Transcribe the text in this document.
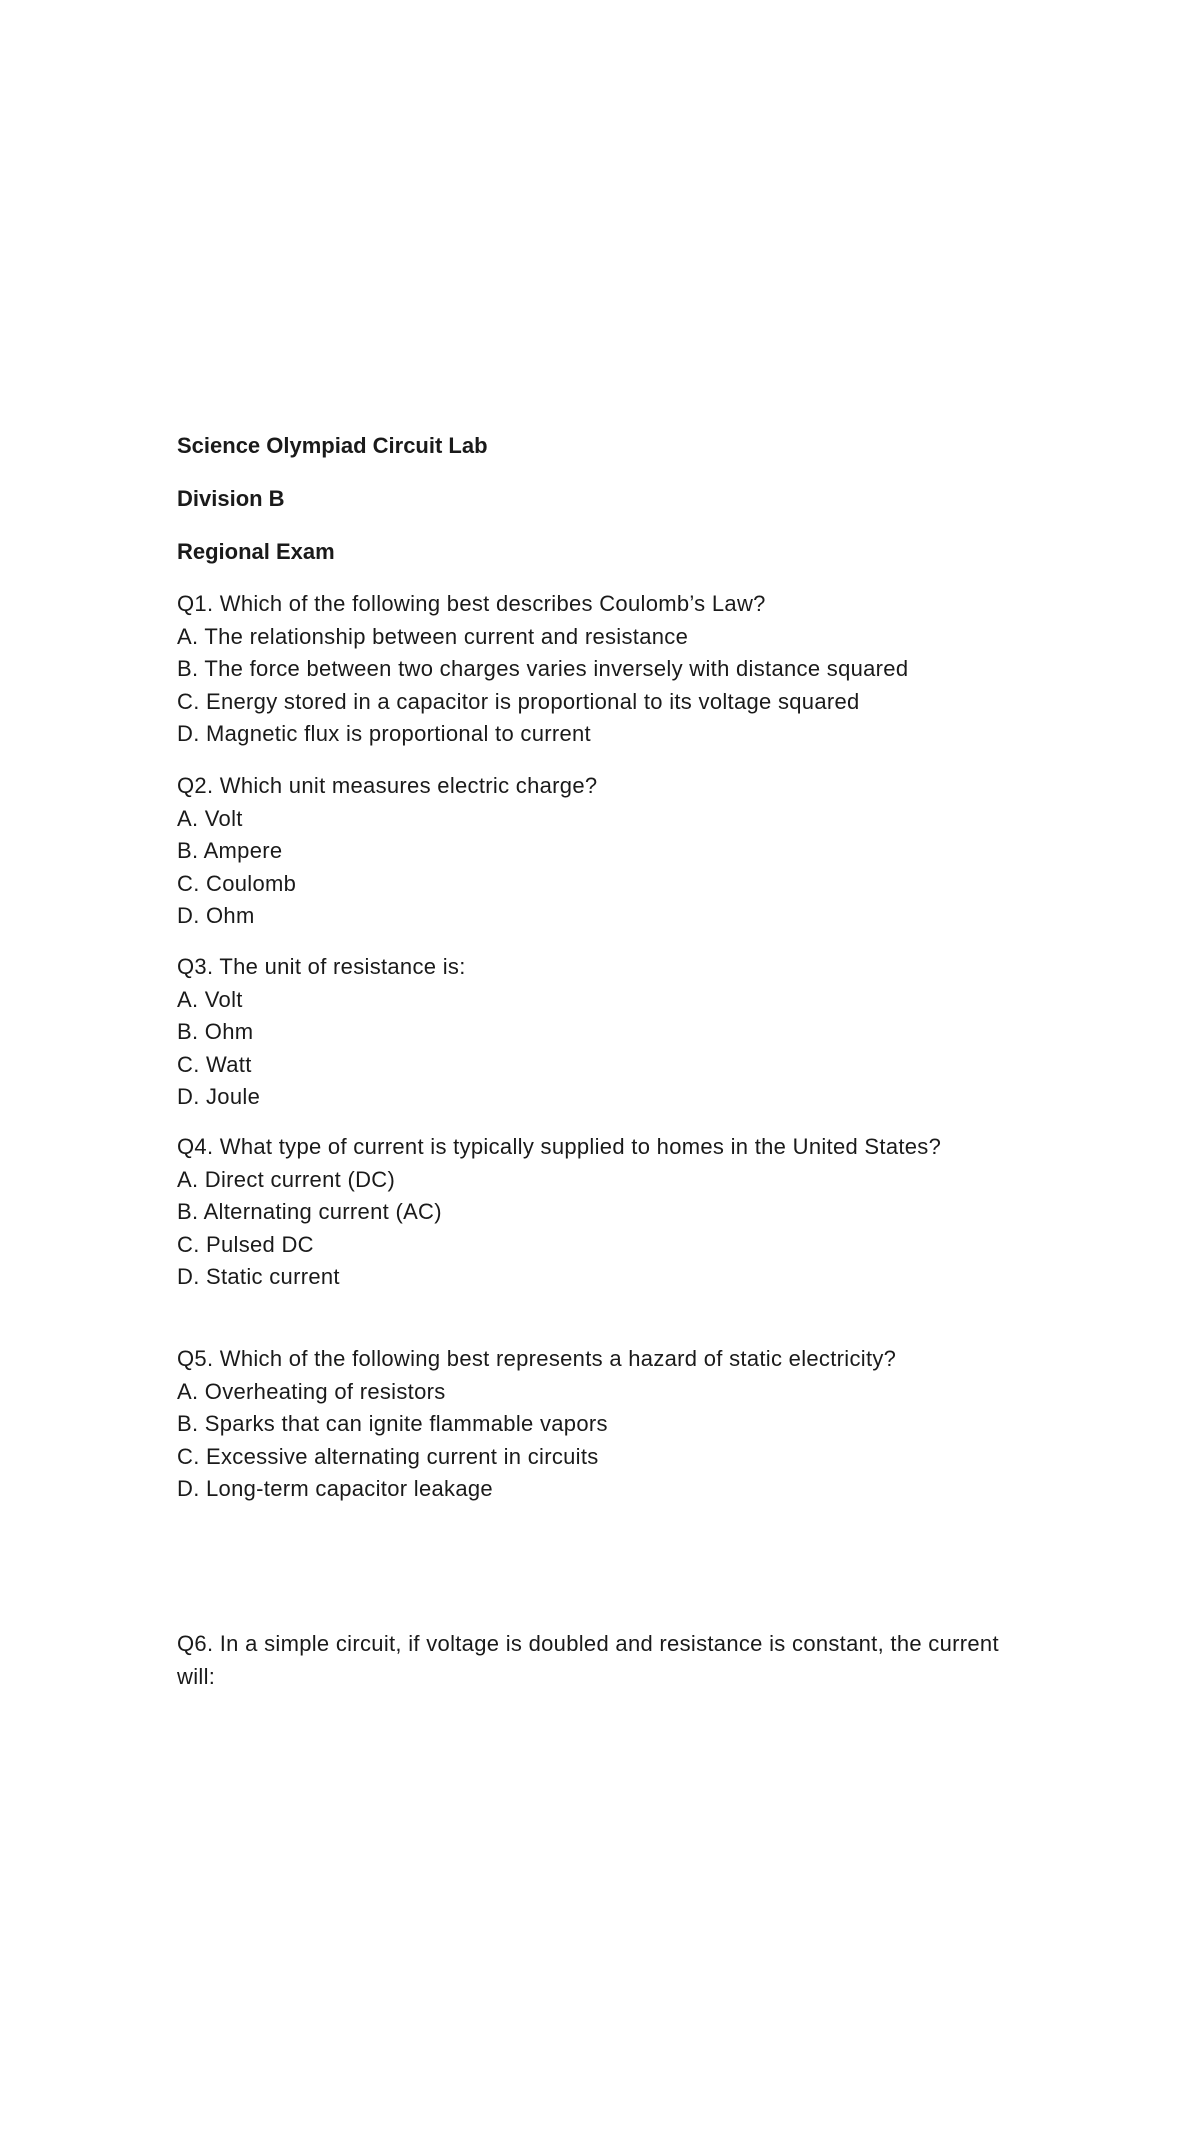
Science Olympiad Circuit Lab
Division B
Regional Exam
Q1. Which of the following best describes Coulomb’s Law?
A. The relationship between current and resistance
B. The force between two charges varies inversely with distance squared
C. Energy stored in a capacitor is proportional to its voltage squared
D. Magnetic flux is proportional to current
Q2. Which unit measures electric charge?
A. Volt
B. Ampere
C. Coulomb
D. Ohm
Q3. The unit of resistance is:
A. Volt
B. Ohm
C. Watt
D. Joule
Q4. What type of current is typically supplied to homes in the United States?
A. Direct current (DC)
B. Alternating current (AC)
C. Pulsed DC
D. Static current
Q5. Which of the following best represents a hazard of static electricity?
A. Overheating of resistors
B. Sparks that can ignite flammable vapors
C. Excessive alternating current in circuits
D. Long-term capacitor leakage
Q6. In a simple circuit, if voltage is doubled and resistance is constant, the current will:
